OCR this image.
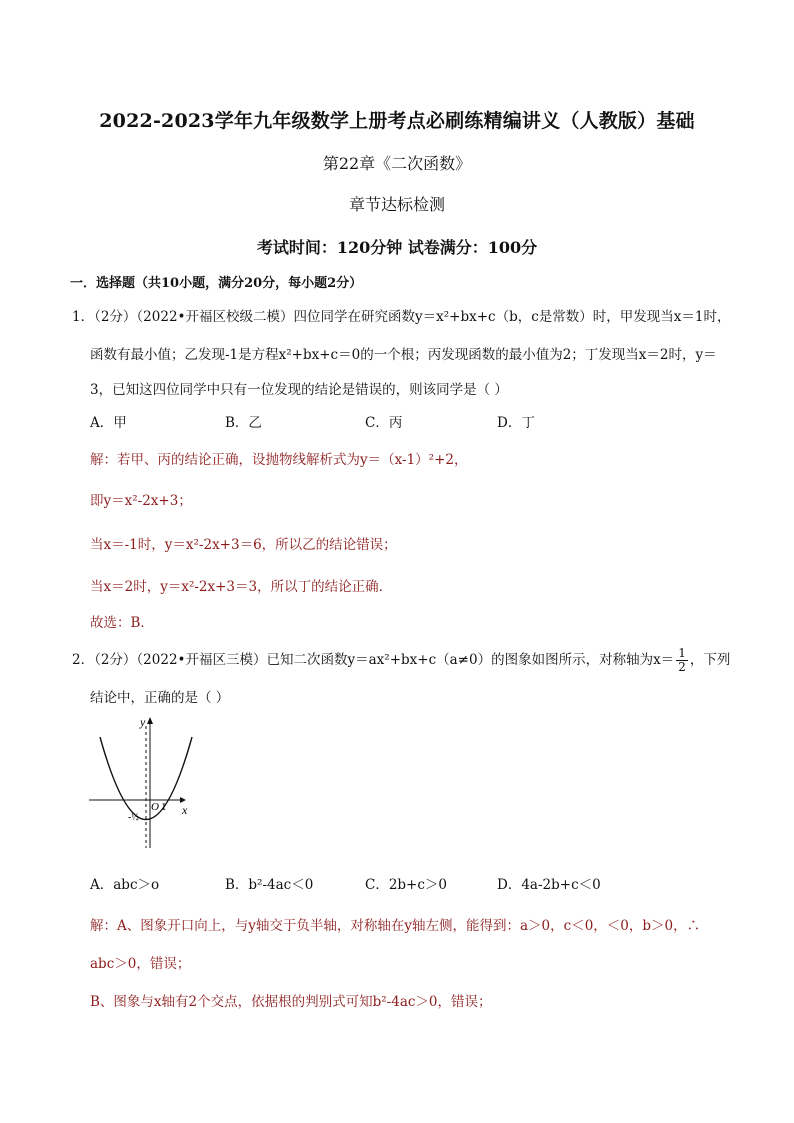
2022-2023学年九年级数学上册考点必刷练精编讲义（人教版）基础
第22章《二次函数》
章节达标检测
考试时间：120分钟 试卷满分：100分
一．选择题（共10小题，满分20分，每小题2分）
1．（2分）（2022•开福区校级二模）四位同学在研究函数y＝x²+bx+c（b，c是常数）时，甲发现当x＝1时，
函数有最小值；乙发现-1是方程x²+bx+c＝0的一个根；丙发现函数的最小值为2；丁发现当x＝2时，y＝
3，已知这四位同学中只有一位发现的结论是错误的，则该同学是（ ）
A．甲	B．乙	C．丙	D．丁
解：若甲、丙的结论正确，设抛物线解析式为y＝（x-1）²+2，
即y＝x²-2x+3；
当x＝-1时，y＝x²-2x+3＝6，所以乙的结论错误；
当x＝2时，y＝x²-2x+3＝3，所以丁的结论正确．
故选：B．
2．（2分）（2022•开福区三模）已知二次函数y＝ax²+bx+c（a≠0）的图象如图所示，对称轴为$x= \frac{1}{2}$ ，下列
结论中，正确的是（ ）
y
x
O 1
-½
A．abc＞o	B．b²-4ac＜0	C．2b+c＞0	D．4a-2b+c＜0
解：A、图象开口向上，与y轴交于负半轴，对称轴在y轴左侧，能得到：a＞0，c＜0，＜0，b＞0，∴
abc＞0，错误；
B、图象与x轴有2个交点，依据根的判别式可知b²-4ac＞0，错误；
